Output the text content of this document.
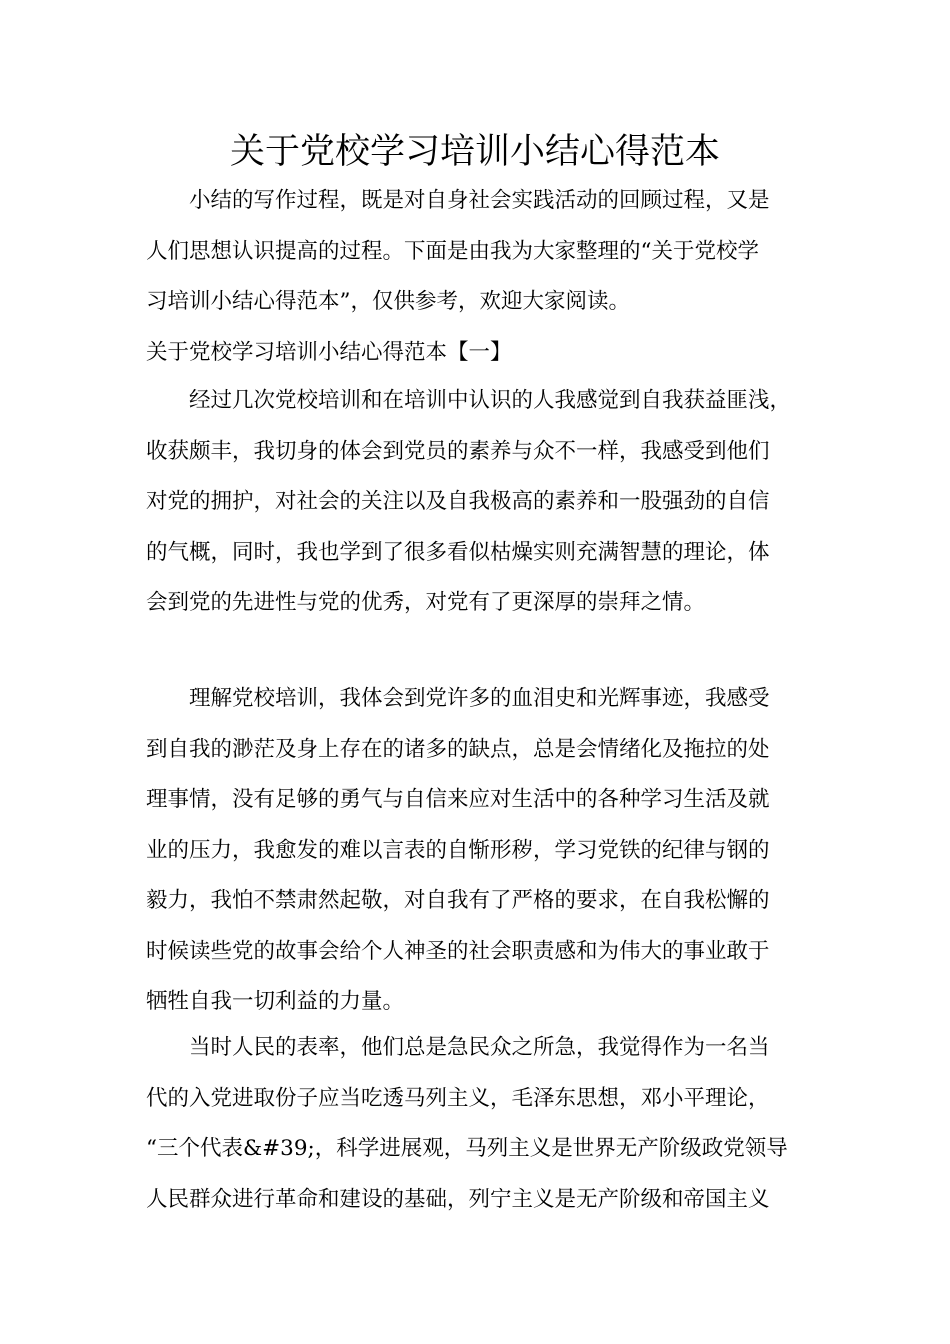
关于党校学习培训小结心得范本
小结的写作过程，既是对自身社会实践活动的回顾过程，又是
人们思想认识提高的过程。下面是由我为大家整理的“关于党校学
习培训小结心得范本”，仅供参考，欢迎大家阅读。
关于党校学习培训小结心得范本【一】
经过几次党校培训和在培训中认识的人我感觉到自我获益匪浅，
收获颇丰，我切身的体会到党员的素养与众不一样，我感受到他们
对党的拥护，对社会的关注以及自我极高的素养和一股强劲的自信
的气概，同时，我也学到了很多看似枯燥实则充满智慧的理论，体
会到党的先进性与党的优秀，对党有了更深厚的崇拜之情。
理解党校培训，我体会到党许多的血泪史和光辉事迹，我感受
到自我的渺茫及身上存在的诸多的缺点，总是会情绪化及拖拉的处
理事情，没有足够的勇气与自信来应对生活中的各种学习生活及就
业的压力，我愈发的难以言表的自惭形秽，学习党铁的纪律与钢的
毅力，我怕不禁肃然起敬，对自我有了严格的要求，在自我松懈的
时候读些党的故事会给个人神圣的社会职责感和为伟大的事业敢于
牺牲自我一切利益的力量。
当时人民的表率，他们总是急民众之所急，我觉得作为一名当
代的入党进取份子应当吃透马列主义，毛泽东思想，邓小平理论，
“三个代表&#39;，科学进展观，马列主义是世界无产阶级政党领导
人民群众进行革命和建设的基础，列宁主义是无产阶级和帝国主义
